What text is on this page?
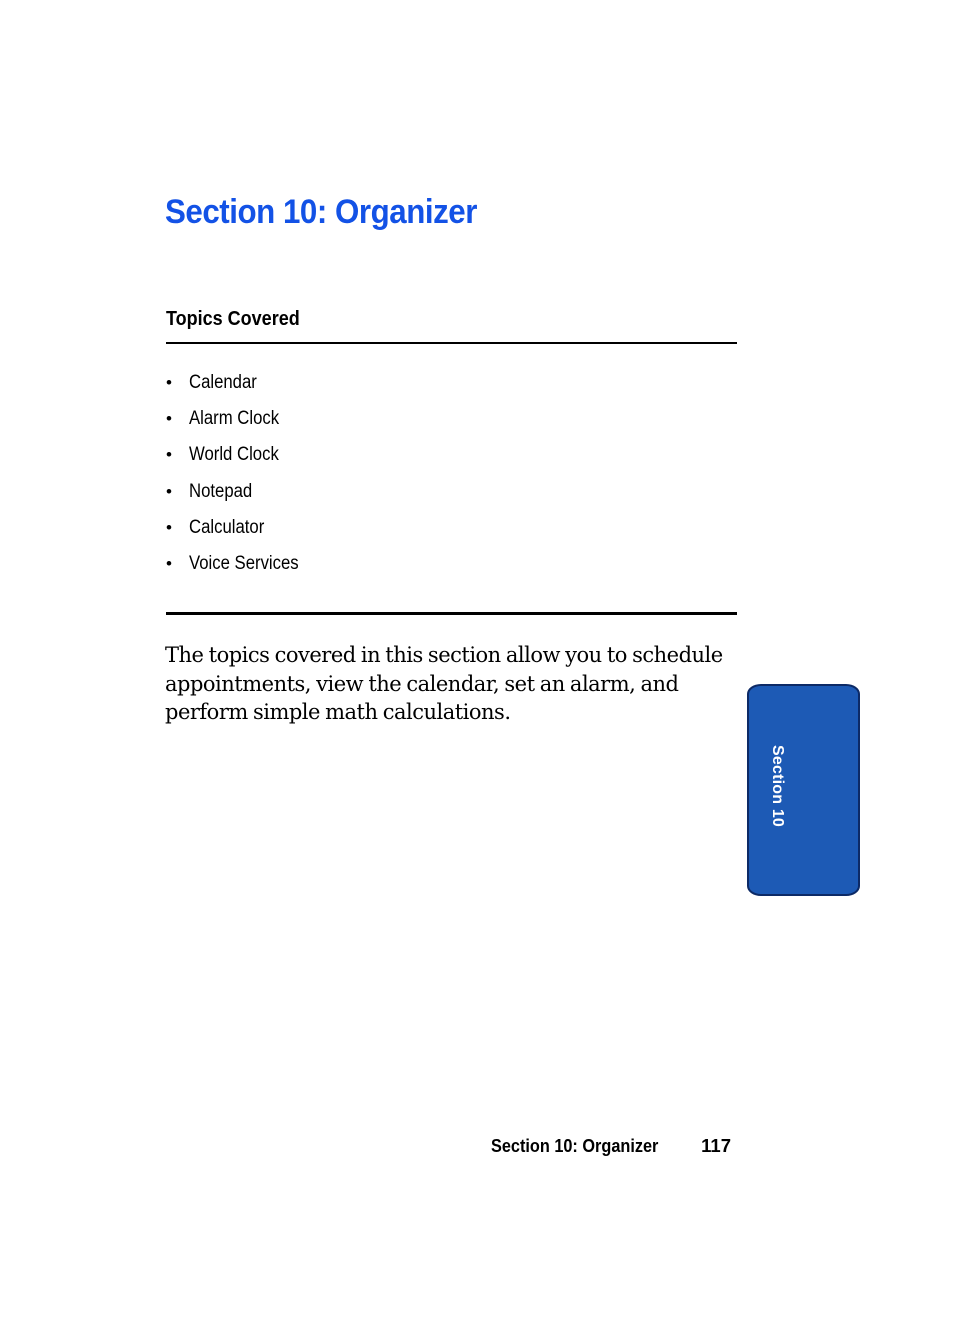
Section 10: Organizer
Topics Covered
• Calendar
• Alarm Clock
• World Clock
• Notepad
• Calculator
• Voice Services

The topics covered in this section allow you to schedule appointments, view the calendar, set an alarm, and perform simple math calculations.

Section 10
Section 10: Organizer 117
